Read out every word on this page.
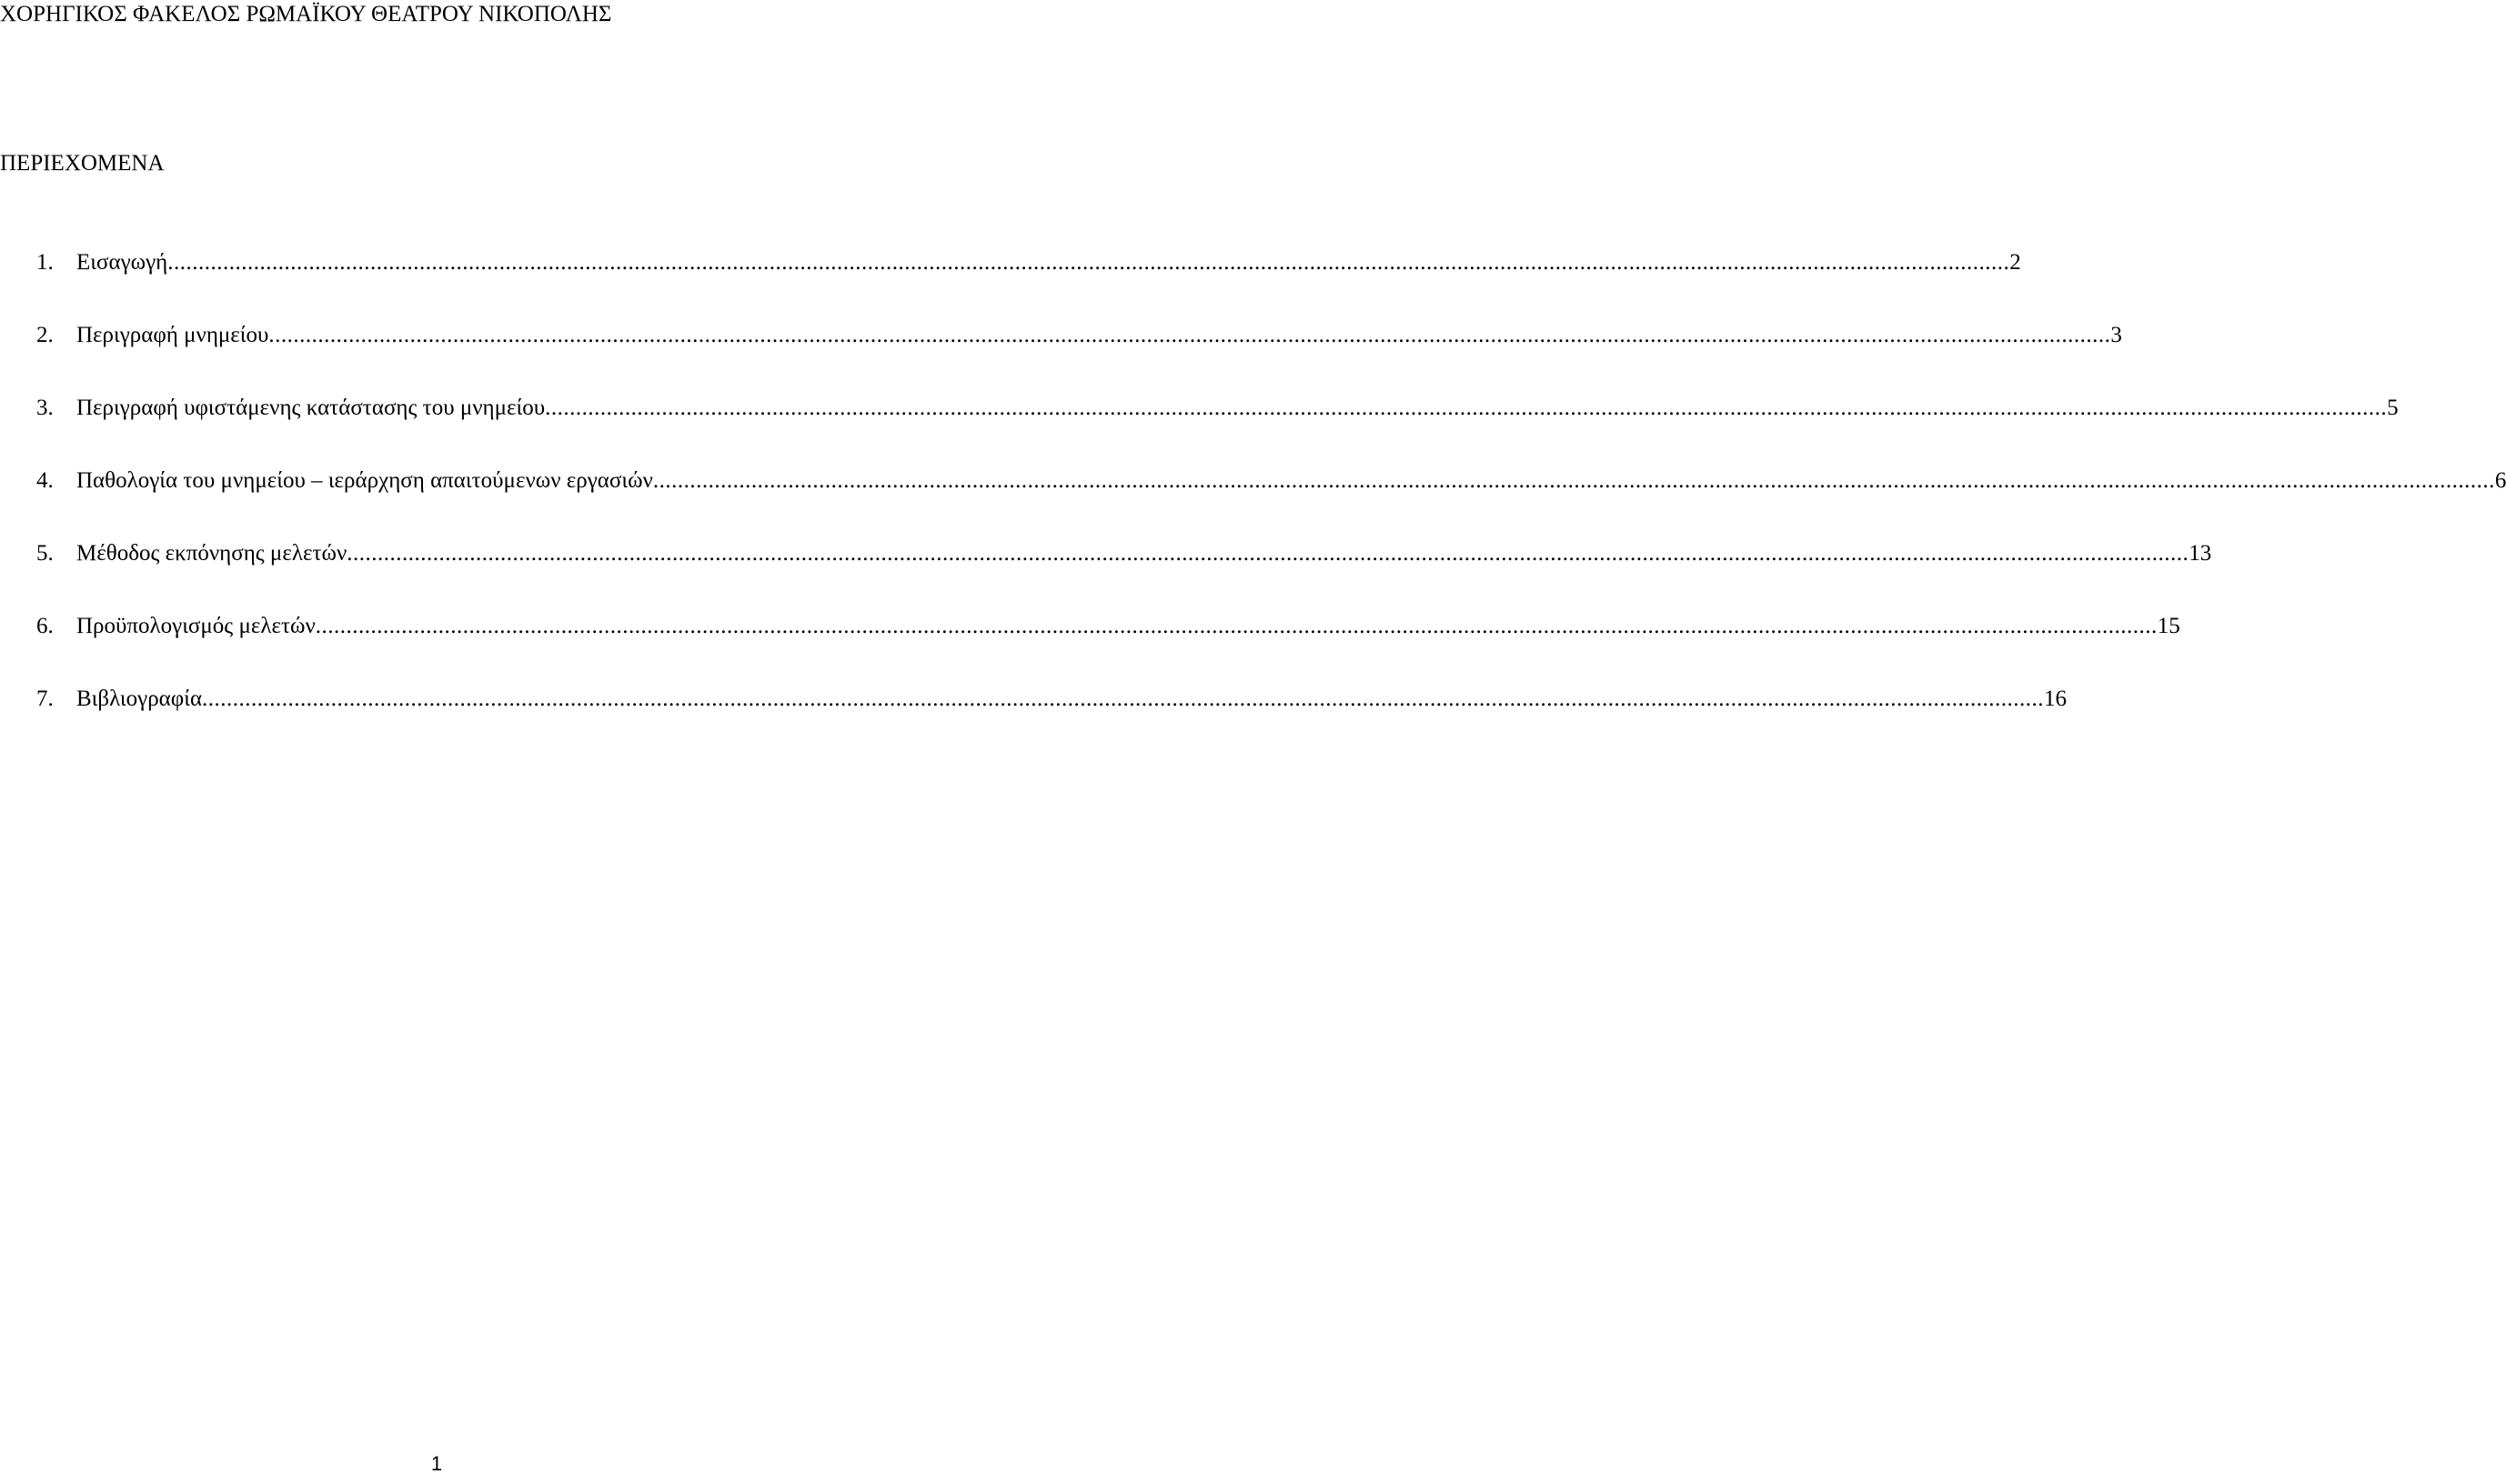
ΧΟΡΗΓΙΚΟΣ ΦΑΚΕΛΟΣ ΡΩΜΑΪΚΟΥ ΘΕΑΤΡΟΥ ΝΙΚΟΠΟΛΗΣ
ΠΕΡΙΕΧΟΜΕΝΑ
1.	Εισαγωγή ............................................................................................................................................................................................................................................................................................................ 2
2.	Περιγραφή μνημείου ............................................................................................................................................................................................................................................................................................................ 3
3.	Περιγραφή υφιστάμενης κατάστασης του μνημείου ............................................................................................................................................................................................................................................................................................................ 5
4.	Παθολογία του μνημείου – ιεράρχηση απαιτούμενων εργασιών ............................................................................................................................................................................................................................................................................................................ 6
5.	Μέθοδος εκπόνησης μελετών ............................................................................................................................................................................................................................................................................................................ 13
6.	Προϋπολογισμός μελετών ............................................................................................................................................................................................................................................................................................................ 15
7.	Βιβλιογραφία ............................................................................................................................................................................................................................................................................................................ 16
1
